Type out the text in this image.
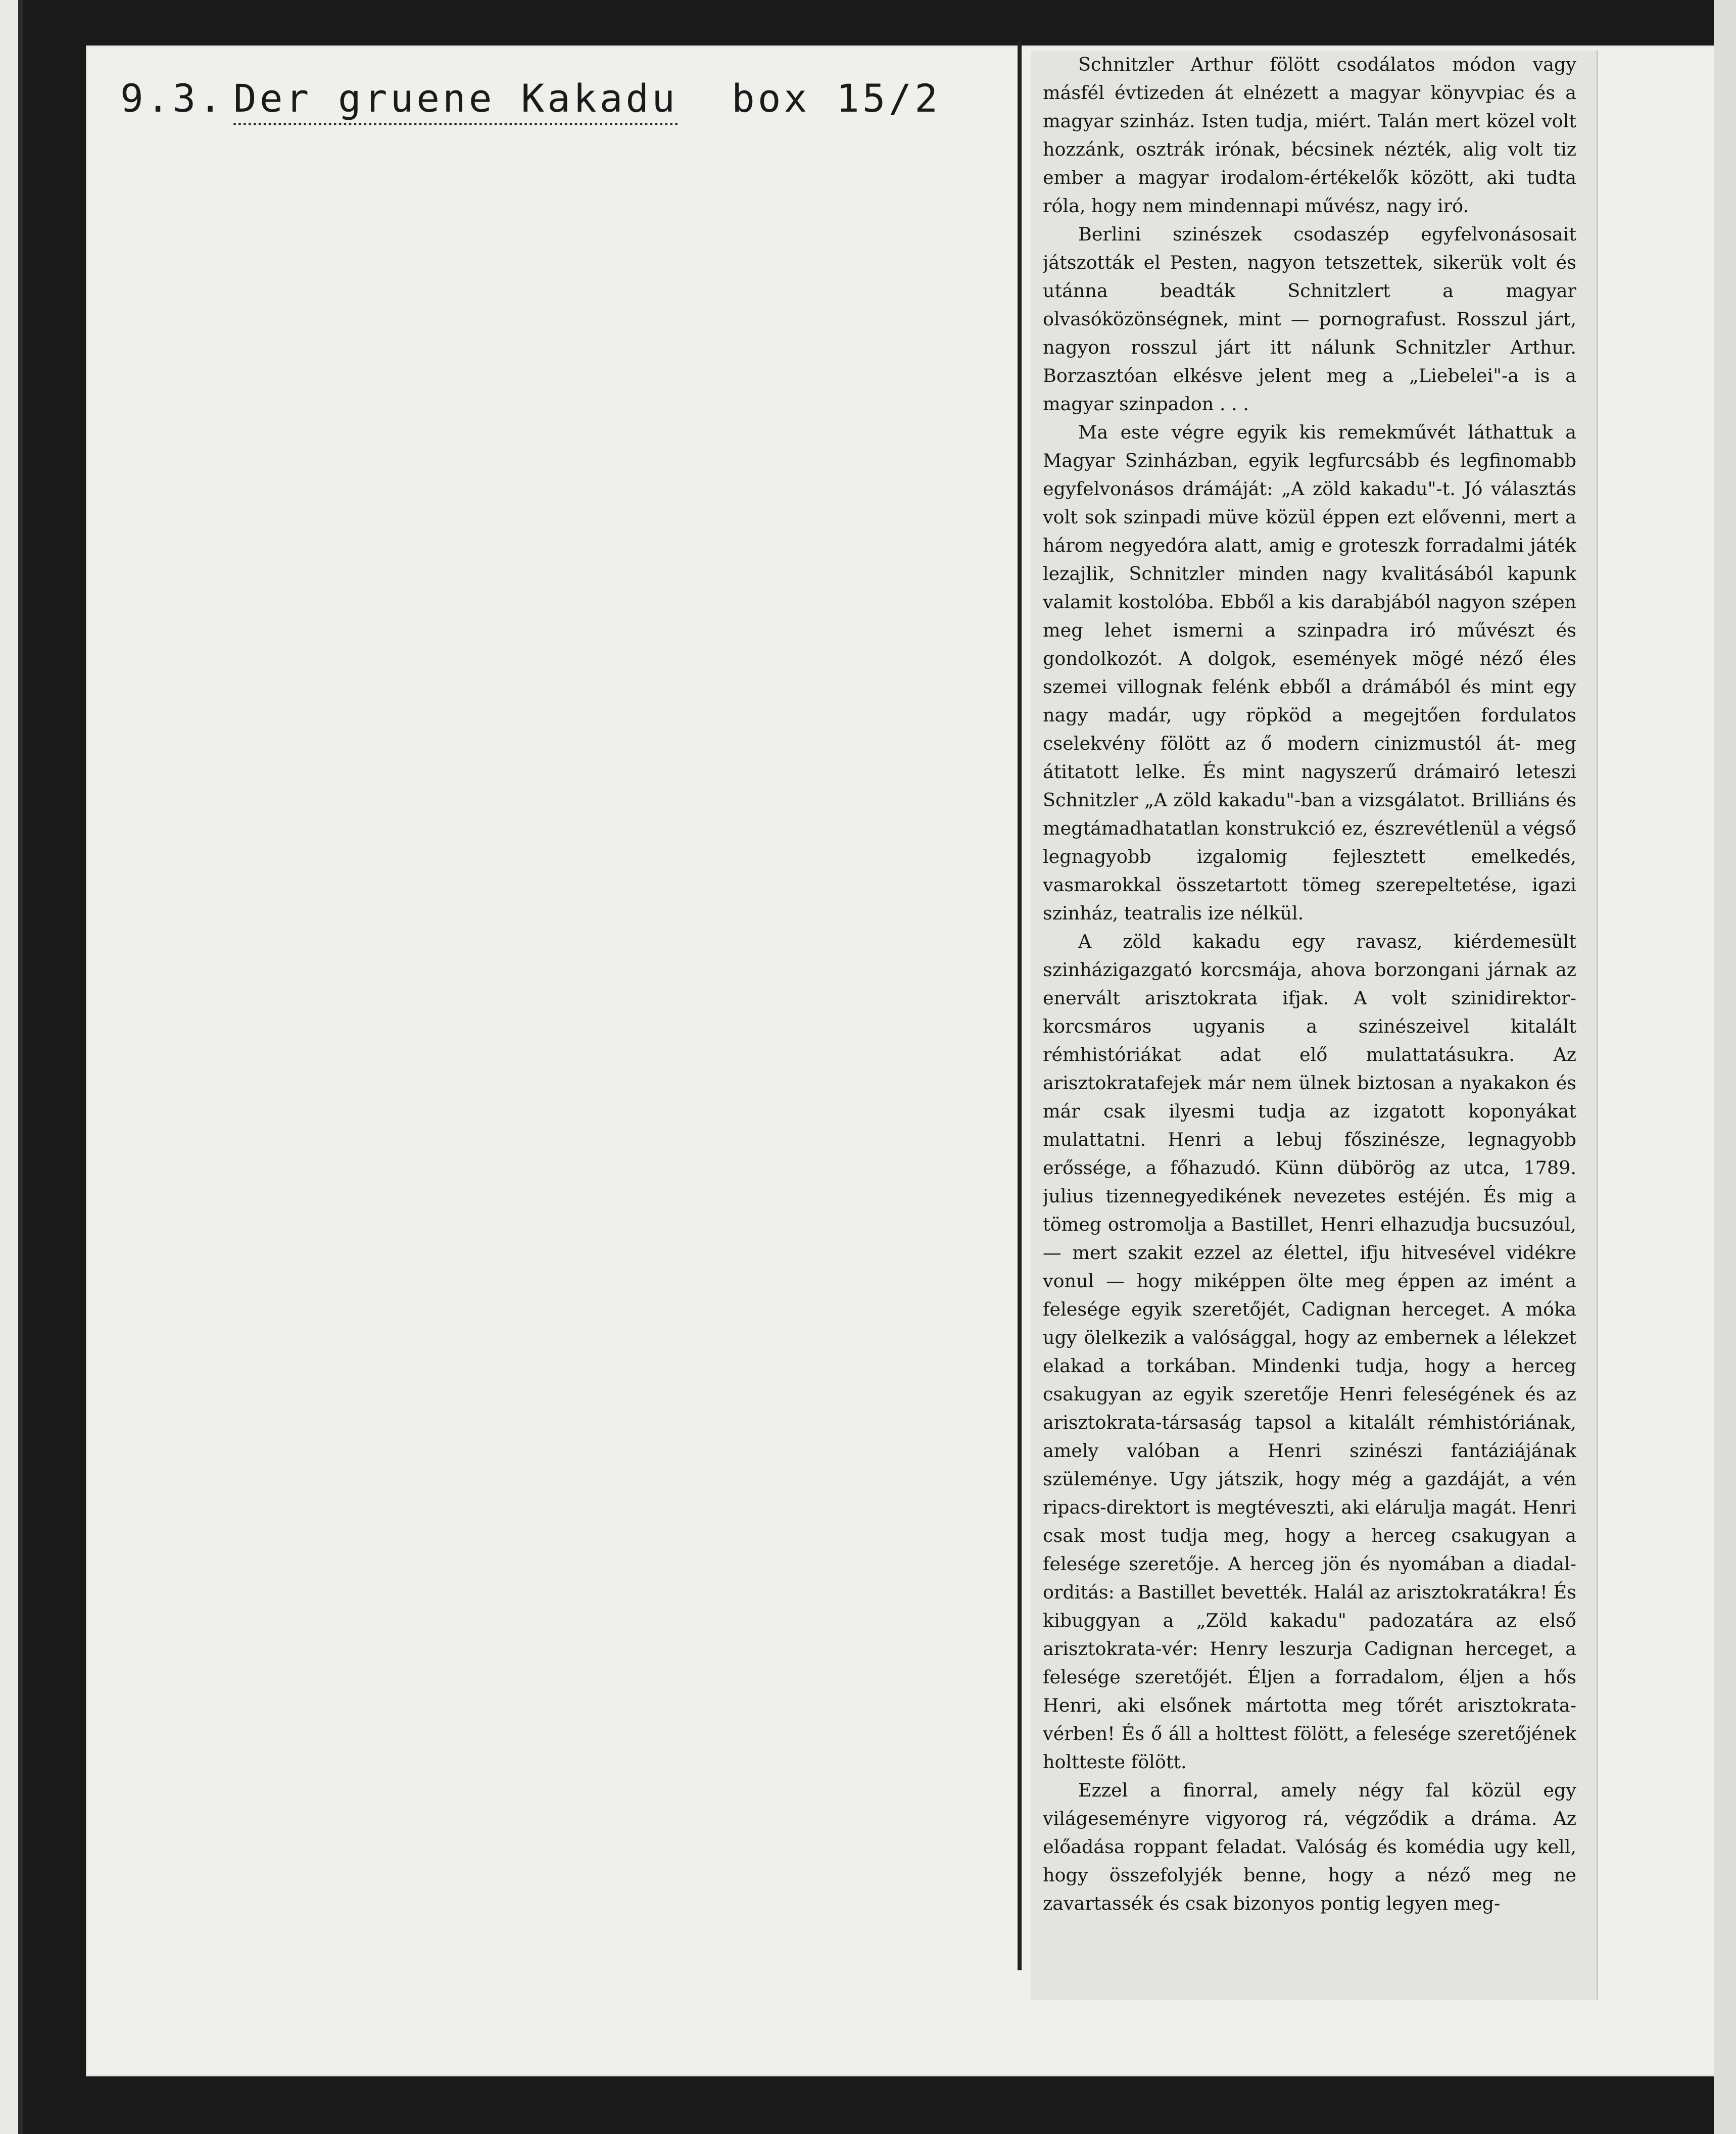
9.3. Der gruene Kakadu box 15/2

Schnitzler Arthur fölött csodálatos módon vagy másfél évtizeden át elnézett a magyar könyvpiac és a magyar szinház. Isten tudja, miért. Talán mert közel volt hozzánk, osztrák irónak, bécsinek nézték, alig volt tiz ember a magyar irodalom-értékelők között, aki tudta róla, hogy nem mindennapi művész, nagy iró.

Berlini szinészek csodaszép egyfelvonásosait játszották el Pesten, nagyon tetszettek, sikerük volt és utánna beadták Schnitzlert a magyar olvasóközönségnek, mint — pornografust. Rosszul járt, nagyon rosszul járt itt nálunk Schnitzler Arthur. Borzasztóan elkésve jelent meg a „Liebelei"-a is a magyar szinpadon . . .

Ma este végre egyik kis remekművét láthattuk a Magyar Szinházban, egyik legfurcsább és legfinomabb egyfelvonásos drámáját: „A zöld kakadu"-t. Jó választás volt sok szinpadi müve közül éppen ezt elővenni, mert a három negyedóra alatt, amig e groteszk forradalmi játék lezajlik, Schnitzler minden nagy kvalitásából kapunk valamit kostolóba. Ebből a kis darabjából nagyon szépen meg lehet ismerni a szinpadra iró művészt és gondolkozót. A dolgok, események mögé néző éles szemei villognak felénk ebből a drámából és mint egy nagy madár, ugy röpköd a megejtően fordulatos cselekvény fölött az ő modern cinizmustól át- meg átitatott lelke. És mint nagyszerű drámairó leteszi Schnitzler „A zöld kakadu"-ban a vizsgálatot. Brilliáns és megtámadhatatlan konstrukció ez, észrevétlenül a végső legnagyobb izgalomig fejlesztett emelkedés, vasmarokkal összetartott tömeg szerepeltetése, igazi szinház, teatralis ize nélkül.

A zöld kakadu egy ravasz, kiérdemesült szinházigazgató korcsmája, ahova borzongani járnak az enervált arisztokrata ifjak. A volt szinidirektor-korcsmáros ugyanis a szinészeivel kitalált rémhistóriákat adat elő mulattatásukra. Az arisztokratafejek már nem ülnek biztosan a nyakakon és már csak ilyesmi tudja az izgatott koponyákat mulattatni. Henri a lebuj főszinésze, legnagyobb erőssége, a főhazudó. Künn dübörög az utca, 1789. julius tizennegyedikének nevezetes estéjén. És mig a tömeg ostromolja a Bastillet, Henri elhazudja bucsuzóul, — mert szakit ezzel az élettel, ifju hitvesével vidékre vonul — hogy miképpen ölte meg éppen az imént a felesége egyik szeretőjét, Cadignan herceget. A móka ugy ölelkezik a valósággal, hogy az embernek a lélekzet elakad a torkában. Mindenki tudja, hogy a herceg csakugyan az egyik szeretője Henri feleségének és az arisztokrata-társaság tapsol a kitalált rémhistóriának, amely valóban a Henri szinészi fantáziájának szüleménye. Ugy játszik, hogy még a gazdáját, a vén ripacs-direktort is megtéveszti, aki elárulja magát. Henri csak most tudja meg, hogy a herceg csakugyan a felesége szeretője. A herceg jön és nyomában a diadal-orditás: a Bastillet bevették. Halál az arisztokratákra! És kibuggyan a „Zöld kakadu" padozatára az első arisztokrata-vér: Henry leszurja Cadignan herceget, a felesége szeretőjét. Éljen a forradalom, éljen a hős Henri, aki elsőnek mártotta meg tőrét arisztokrata-vérben! És ő áll a holttest fölött, a felesége szeretőjének holtteste fölött.

Ezzel a finorral, amely négy fal közül egy világeseményre vigyorog rá, végződik a dráma. Az előadása roppant feladat. Valóság és komédia ugy kell, hogy összefolyjék benne, hogy a néző meg ne zavartassék és csak bizonyos pontig legyen meg-
